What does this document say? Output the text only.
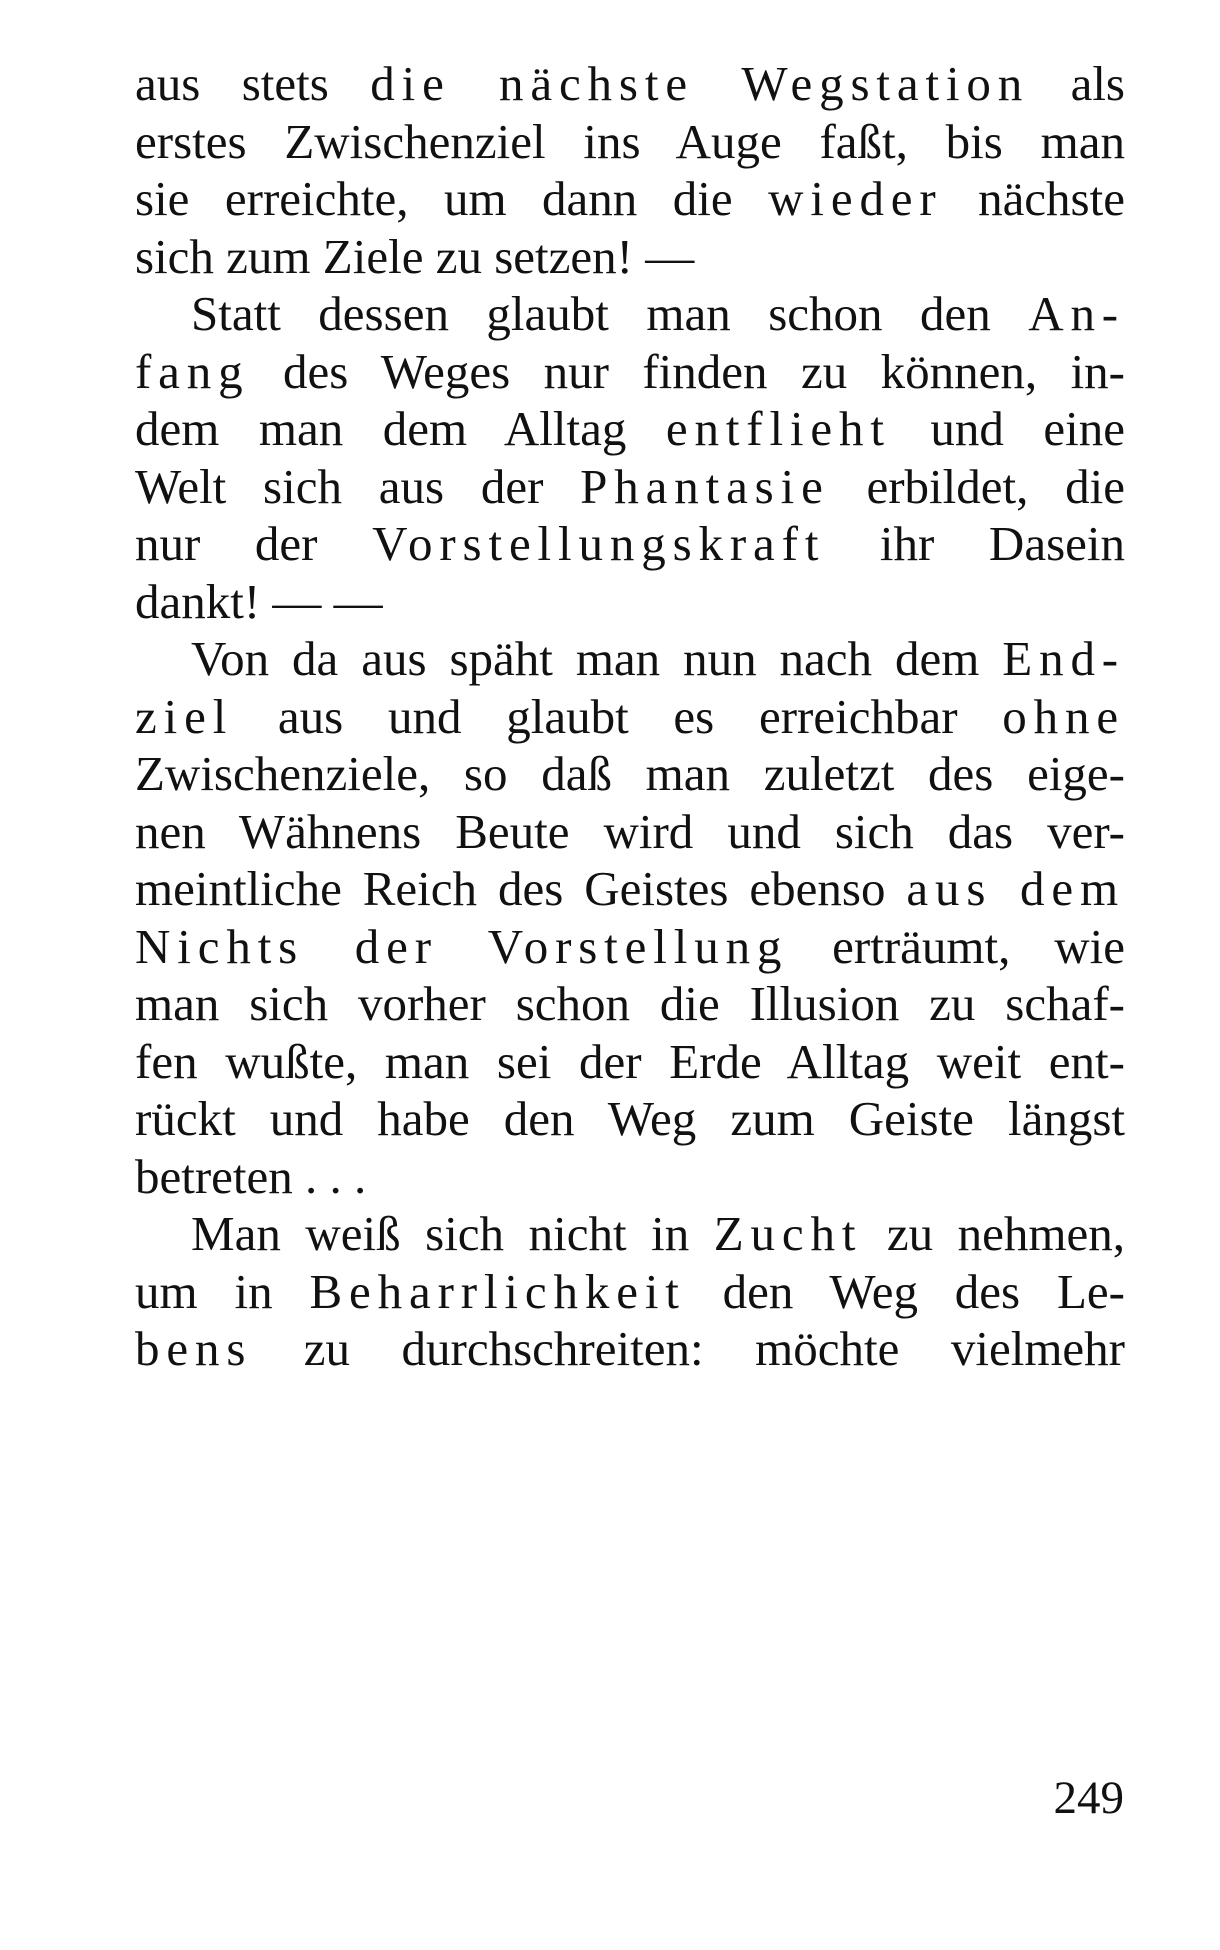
aus stets die nächste Wegstation als
erstes Zwischenziel ins Auge faßt, bis man
sie erreichte, um dann die wieder nächste
sich zum Ziele zu setzen! —
Statt dessen glaubt man schon den An-
fang des Weges nur finden zu können, in-
dem man dem Alltag entflieht und eine
Welt sich aus der Phantasie erbildet, die
nur der Vorstellungskraft ihr Dasein
dankt! — —
Von da aus späht man nun nach dem End-
ziel aus und glaubt es erreichbar ohne
Zwischenziele, so daß man zuletzt des eige-
nen Wähnens Beute wird und sich das ver-
meintliche Reich des Geistes ebenso aus dem
Nichts der Vorstellung erträumt, wie
man sich vorher schon die Illusion zu schaf-
fen wußte, man sei der Erde Alltag weit ent-
rückt und habe den Weg zum Geiste längst
betreten . . .
Man weiß sich nicht in Zucht zu nehmen,
um in Beharrlichkeit den Weg des Le-
bens zu durchschreiten: möchte vielmehr
249
